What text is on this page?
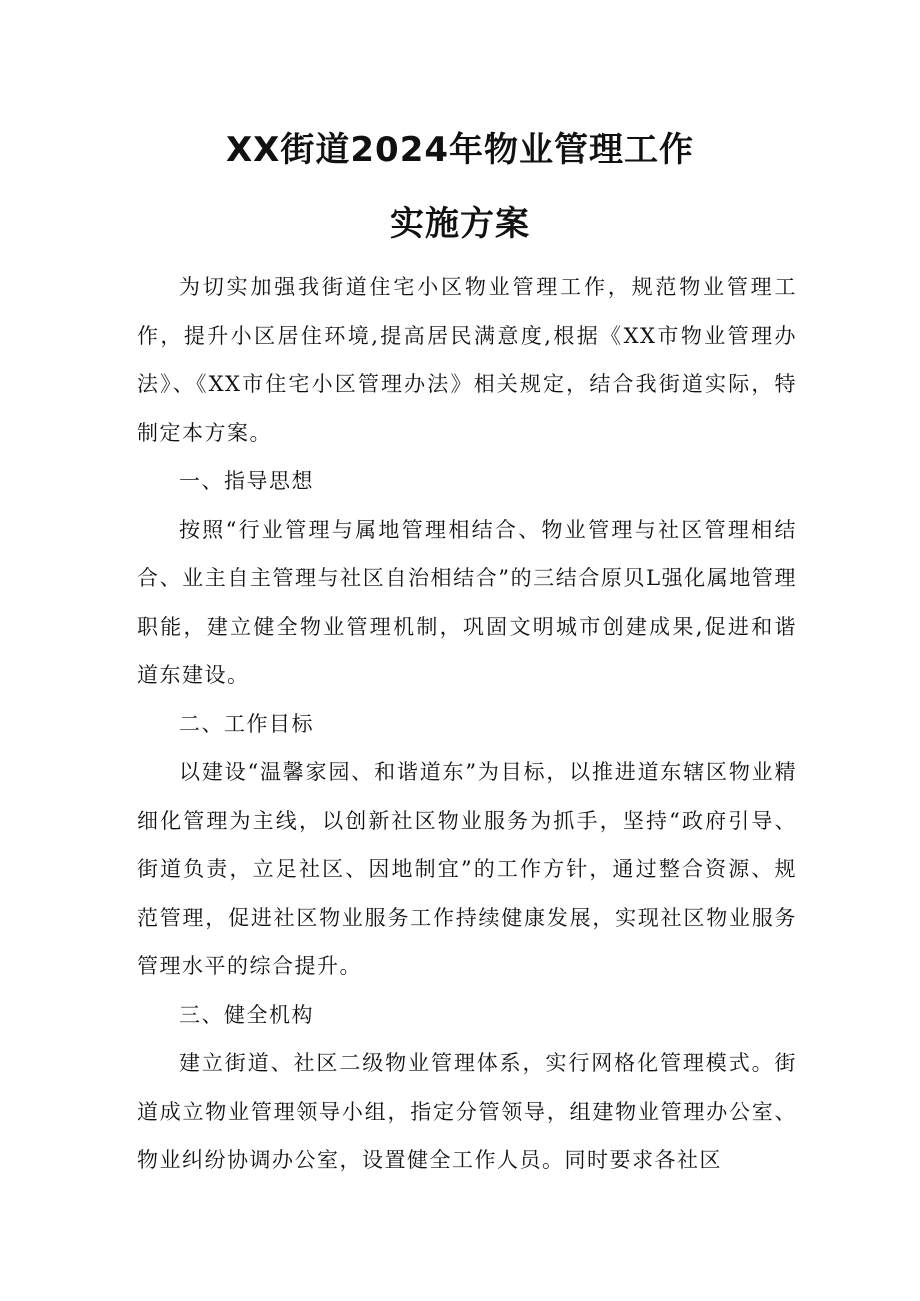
XX街道2024年物业管理工作
实施方案

为切实加强我街道住宅小区物业管理工作，规范物业管理工作，提升小区居住环境,提高居民满意度,根据《XX市物业管理办法》、《XX市住宅小区管理办法》相关规定，结合我街道实际，特制定本方案。

一、指导思想

按照“行业管理与属地管理相结合、物业管理与社区管理相结合、业主自主管理与社区自治相结合”的三结合原贝L强化属地管理职能，建立健全物业管理机制，巩固文明城市创建成果,促进和谐道东建设。

二、工作目标

以建设“温馨家园、和谐道东”为目标，以推进道东辖区物业精细化管理为主线，以创新社区物业服务为抓手，坚持“政府引导、街道负责，立足社区、因地制宜”的工作方针，通过整合资源、规范管理，促进社区物业服务工作持续健康发展，实现社区物业服务管理水平的综合提升。

三、健全机构

建立街道、社区二级物业管理体系，实行网格化管理模式。街道成立物业管理领导小组，指定分管领导，组建物业管理办公室、物业纠纷协调办公室，设置健全工作人员。同时要求各社区
